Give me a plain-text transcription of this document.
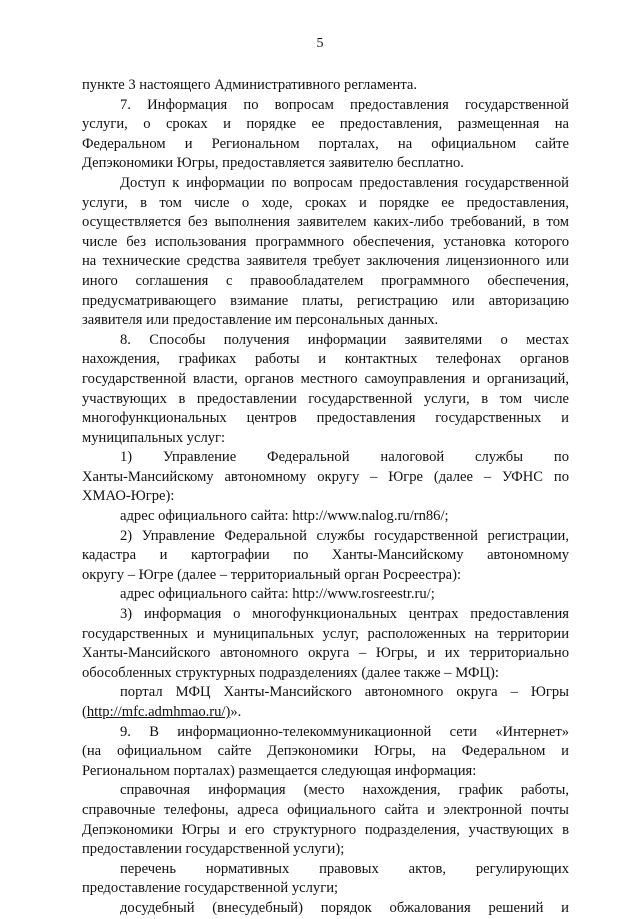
5
пункте 3 настоящего Административного регламента.
7. Информация по вопросам предоставления государственной
услуги, о сроках и порядке ее предоставления, размещенная на
Федеральном и Региональном порталах, на официальном сайте
Депэкономики Югры, предоставляется заявителю бесплатно.
Доступ к информации по вопросам предоставления государственной
услуги, в том числе о ходе, сроках и порядке ее предоставления,
осуществляется без выполнения заявителем каких-либо требований, в том
числе без использования программного обеспечения, установка которого
на технические средства заявителя требует заключения лицензионного или
иного соглашения с правообладателем программного обеспечения,
предусматривающего взимание платы, регистрацию или авторизацию
заявителя или предоставление им персональных данных.
8. Способы получения информации заявителями о местах
нахождения, графиках работы и контактных телефонах органов
государственной власти, органов местного самоуправления и организаций,
участвующих в предоставлении государственной услуги, в том числе
многофункциональных центров предоставления государственных и
муниципальных услуг:
1) Управление Федеральной налоговой службы по
Ханты-Мансийскому автономному округу – Югре (далее – УФНС по
ХМАО-Югре):
адрес официального сайта: http://www.nalog.ru/rn86/;
2) Управление Федеральной службы государственной регистрации,
кадастра и картографии по Ханты-Мансийскому автономному
округу – Югре (далее – территориальный орган Росреестра):
адрес официального сайта: http://www.rosreestr.ru/;
3) информация о многофункциональных центрах предоставления
государственных и муниципальных услуг, расположенных на территории
Ханты-Мансийского автономного округа – Югры, и их территориально
обособленных структурных подразделениях (далее также – МФЦ):
портал МФЦ Ханты-Мансийского автономного округа – Югры
(http://mfc.admhmao.ru/)».
9. В информационно-телекоммуникационной сети «Интернет»
(на официальном сайте Депэкономики Югры, на Федеральном и
Региональном порталах) размещается следующая информация:
справочная информация (место нахождения, график работы,
справочные телефоны, адреса официального сайта и электронной почты
Депэкономики Югры и его структурного подразделения, участвующих в
предоставлении государственной услуги);
перечень нормативных правовых актов, регулирующих
предоставление государственной услуги;
досудебный (внесудебный) порядок обжалования решений и
